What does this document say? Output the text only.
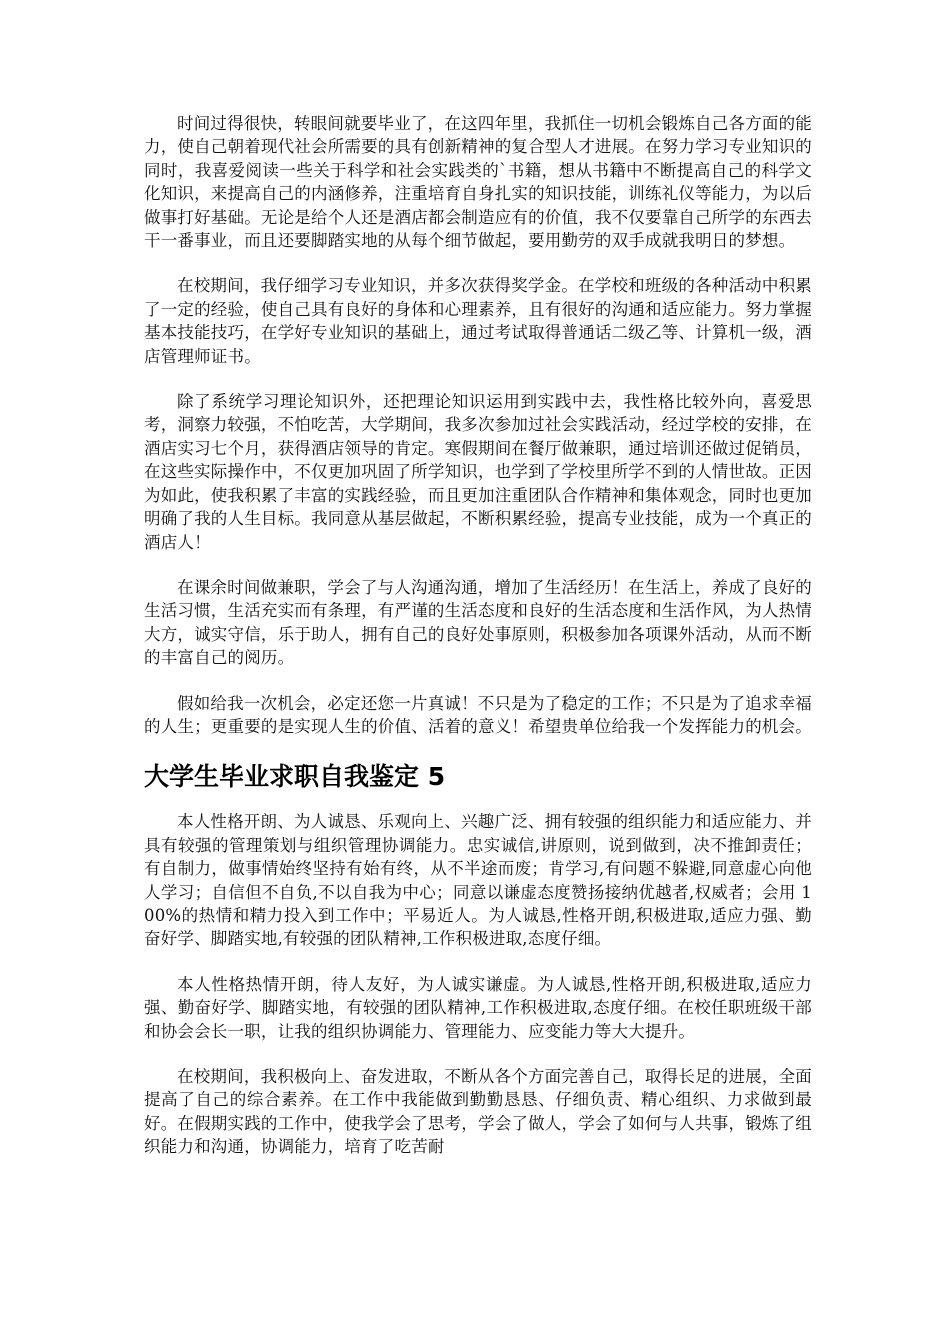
时间过得很快，转眼间就要毕业了，在这四年里，我抓住一切机会锻炼自己各方面的能力，使自己朝着现代社会所需要的具有创新精神的复合型人才进展。在努力学习专业知识的同时，我喜爱阅读一些关于科学和社会实践类的`书籍，想从书籍中不断提高自己的科学文化知识，来提高自己的内涵修养，注重培育自身扎实的知识技能，训练礼仪等能力，为以后做事打好基础。无论是给个人还是酒店都会制造应有的价值，我不仅要靠自己所学的东西去干一番事业，而且还要脚踏实地的从每个细节做起，要用勤劳的双手成就我明日的梦想。

在校期间，我仔细学习专业知识，并多次获得奖学金。在学校和班级的各种活动中积累了一定的经验，使自己具有良好的身体和心理素养，且有很好的沟通和适应能力。努力掌握基本技能技巧，在学好专业知识的基础上，通过考试取得普通话二级乙等、计算机一级，酒店管理师证书。

除了系统学习理论知识外，还把理论知识运用到实践中去，我性格比较外向，喜爱思考，洞察力较强，不怕吃苦，大学期间，我多次参加过社会实践活动，经过学校的安排，在酒店实习七个月，获得酒店领导的肯定。寒假期间在餐厅做兼职，通过培训还做过促销员，在这些实际操作中，不仅更加巩固了所学知识，也学到了学校里所学不到的人情世故。正因为如此，使我积累了丰富的实践经验，而且更加注重团队合作精神和集体观念，同时也更加明确了我的人生目标。我同意从基层做起，不断积累经验，提高专业技能，成为一个真正的酒店人！

在课余时间做兼职，学会了与人沟通沟通，增加了生活经历！在生活上，养成了良好的生活习惯，生活充实而有条理，有严谨的生活态度和良好的生活态度和生活作风，为人热情大方，诚实守信，乐于助人，拥有自己的良好处事原则，积极参加各项课外活动，从而不断的丰富自己的阅历。

假如给我一次机会，必定还您一片真诚！不只是为了稳定的工作；不只是为了追求幸福的人生；更重要的是实现人生的价值、活着的意义！希望贵单位给我一个发挥能力的机会。

大学生毕业求职自我鉴定 5

本人性格开朗、为人诚恳、乐观向上、兴趣广泛、拥有较强的组织能力和适应能力、并具有较强的管理策划与组织管理协调能力。忠实诚信,讲原则，说到做到，决不推卸责任；有自制力，做事情始终坚持有始有终，从不半途而废；肯学习,有问题不躲避,同意虚心向他人学习；自信但不自负,不以自我为中心；同意以谦虚态度赞扬接纳优越者,权威者；会用 100%的热情和精力投入到工作中；平易近人。为人诚恳,性格开朗,积极进取,适应力强、勤奋好学、脚踏实地,有较强的团队精神,工作积极进取,态度仔细。

本人性格热情开朗，待人友好，为人诚实谦虚。为人诚恳,性格开朗,积极进取,适应力强、勤奋好学、脚踏实地，有较强的团队精神,工作积极进取,态度仔细。在校任职班级干部和协会会长一职，让我的组织协调能力、管理能力、应变能力等大大提升。

在校期间，我积极向上、奋发进取，不断从各个方面完善自己，取得长足的进展，全面提高了自己的综合素养。在工作中我能做到勤勤恳恳、仔细负责、精心组织、力求做到最好。在假期实践的工作中，使我学会了思考，学会了做人，学会了如何与人共事，锻炼了组织能力和沟通，协调能力，培育了吃苦耐
